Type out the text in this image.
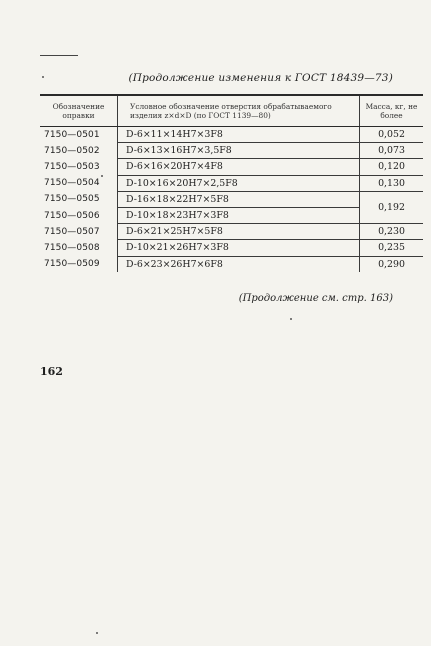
(Продолжение изменения к ГОСТ 18439—73)
Обозначение оправки	Условное обозначение отверстия обрабатываемого изделия z×d×D (по ГОСТ 1139—80)	Масса, кг, не более
7150—0501	D-6×11×14H7×3F8	0,052
7150—0502	D-6×13×16H7×3,5F8	0,073
7150—0503	D-6×16×20H7×4F8	0,120
7150—0504	D-10×16×20H7×2,5F8	0,130
7150—0505	D-16×18×22H7×5F8	0,192
7150—0506	D-10×18×23H7×3F8	
7150—0507	D-6×21×25H7×5F8	0,230
7150—0508	D-10×21×26H7×3F8	0,235
7150—0509	D-6×23×26H7×6F8	0,290
(Продолжение см. стр. 163)
162
